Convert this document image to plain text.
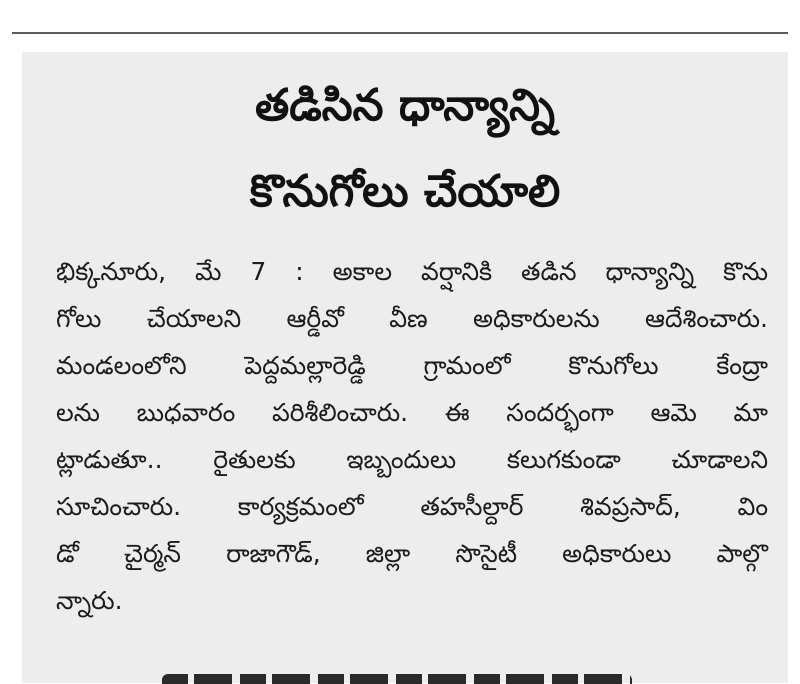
తడిసిన ధాన్యాన్ని
కొనుగోలు చేయాలి
భిక్కనూరు, మే 7 : అకాల వర్షానికి తడిన ధాన్యాన్ని కొను
గోలు చేయాలని ఆర్డీవో వీణ అధికారులను ఆదేశించారు.
మండలంలోని పెద్దమల్లారెడ్డి గ్రామంలో కొనుగోలు కేంద్రా
లను బుధవారం పరిశీలించారు. ఈ సందర్భంగా ఆమె మా
ట్లాడుతూ.. రైతులకు ఇబ్బందులు కలుగకుండా చూడాలని
సూచించారు. కార్యక్రమంలో తహసీల్దార్ శివప్రసాద్, విం
డో చైర్మన్ రాజాగౌడ్, జిల్లా సొసైటీ అధికారులు పాల్గొ
న్నారు.
